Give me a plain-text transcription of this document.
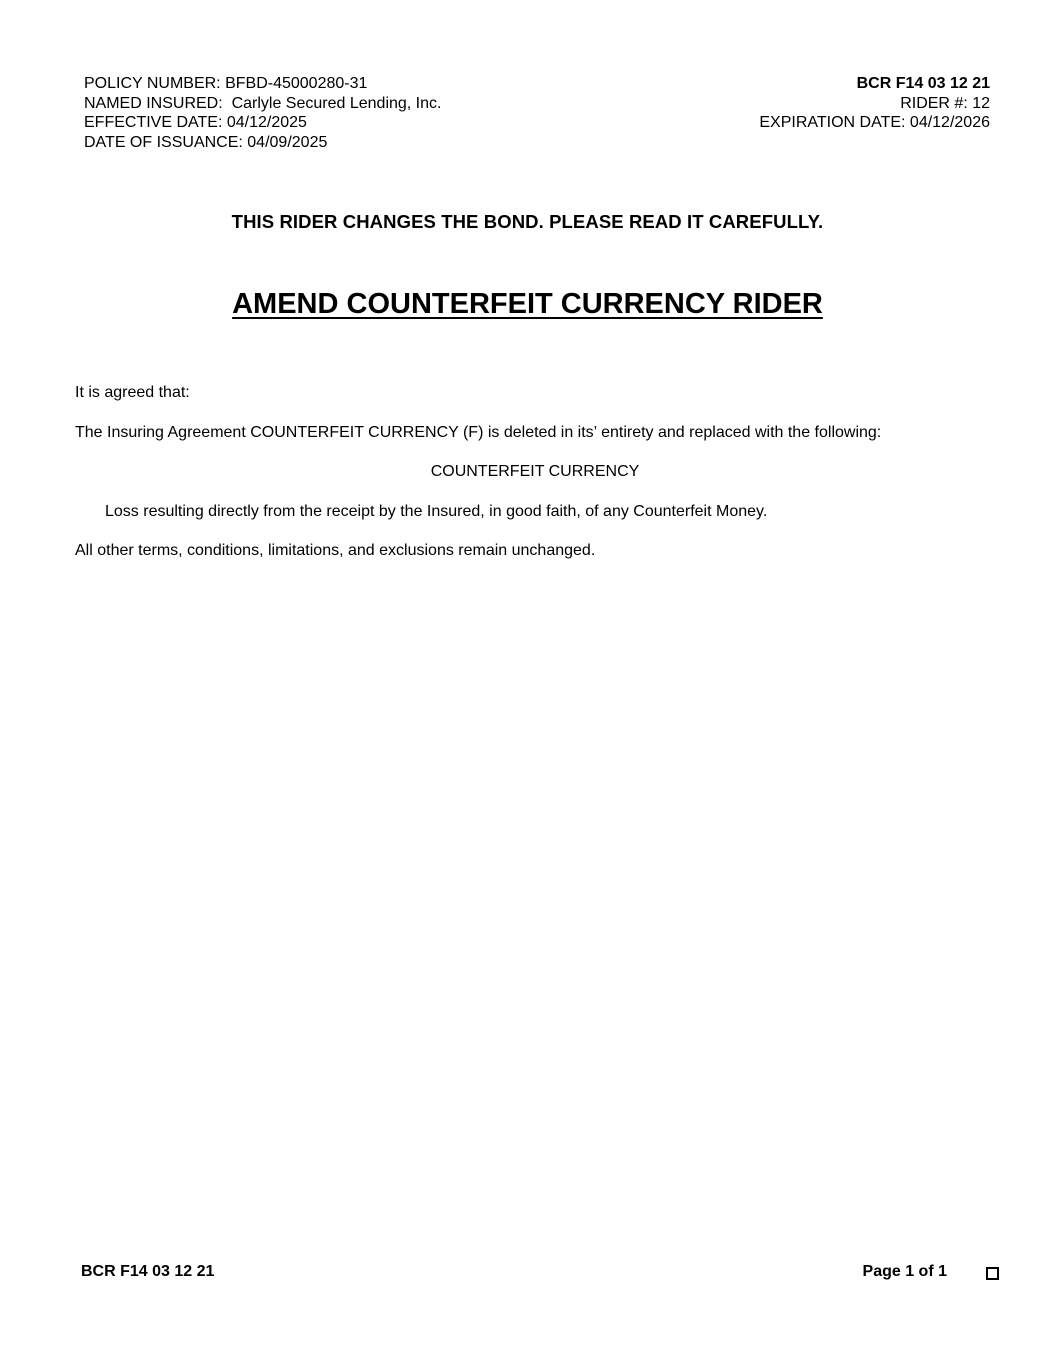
POLICY NUMBER: BFBD-45000280-31
NAMED INSURED:  Carlyle Secured Lending, Inc.
EFFECTIVE DATE: 04/12/2025
DATE OF ISSUANCE: 04/09/2025
BCR F14 03 12 21
RIDER #: 12
EXPIRATION DATE: 04/12/2026
THIS RIDER CHANGES THE BOND. PLEASE READ IT CAREFULLY.
AMEND COUNTERFEIT CURRENCY RIDER

It is agreed that:

The Insuring Agreement COUNTERFEIT CURRENCY (F) is deleted in its’ entirety and replaced with the following:

COUNTERFEIT CURRENCY

Loss resulting directly from the receipt by the Insured, in good faith, of any Counterfeit Money.

All other terms, conditions, limitations, and exclusions remain unchanged.

BCR F14 03 12 21	Page 1 of 1
